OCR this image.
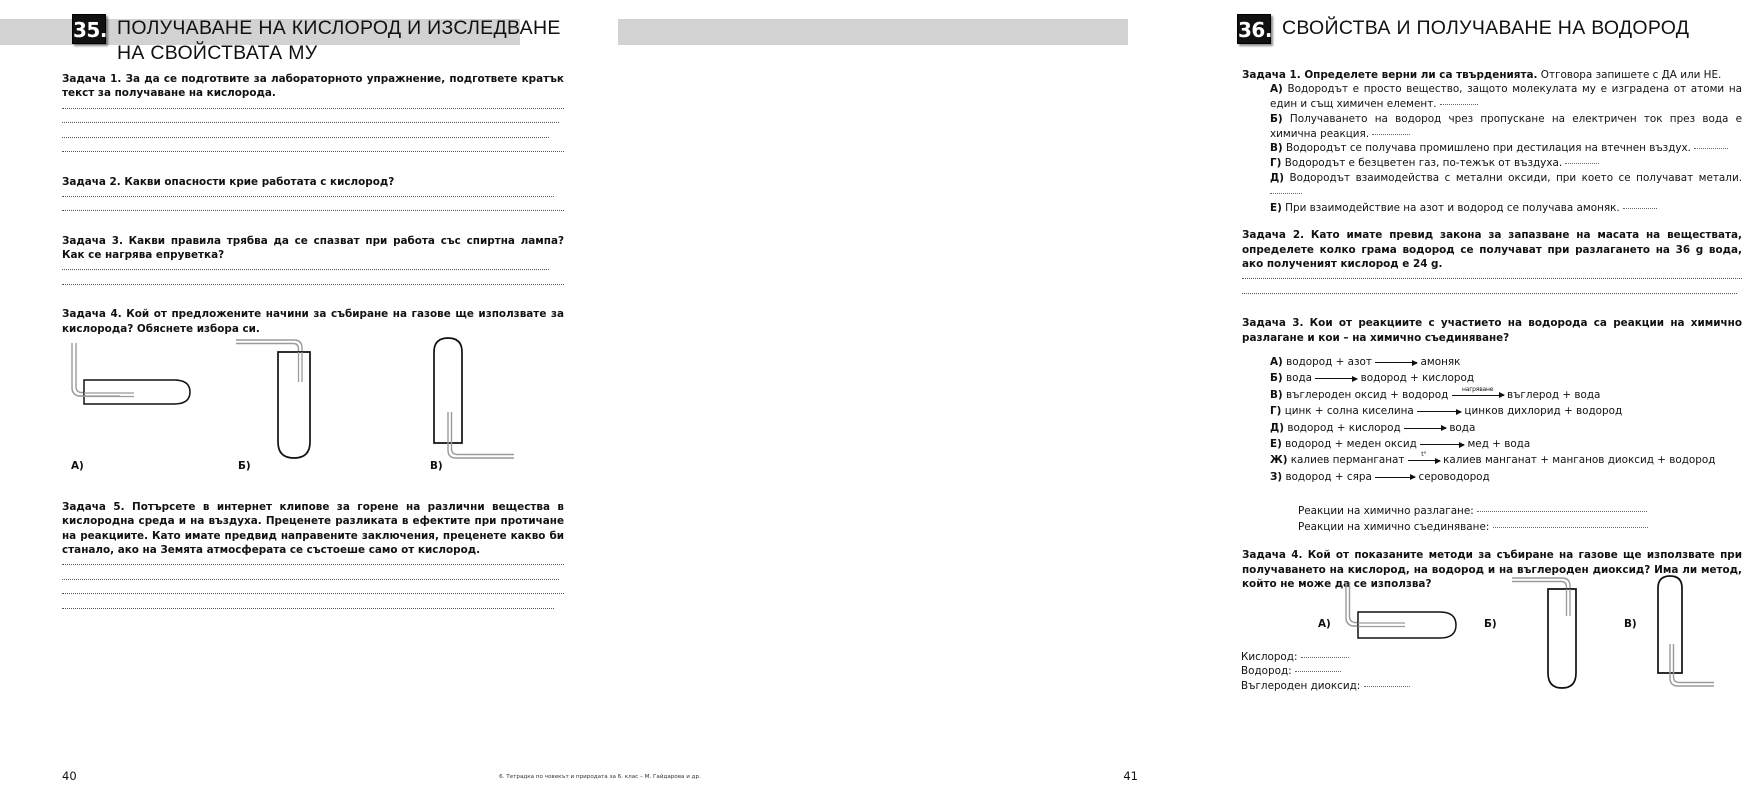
35. ПОЛУЧАВАНЕ НА КИСЛОРОД И ИЗСЛЕДВАНЕ
НА СВОЙСТВАТА МУ

Задача 1. За да се подготвите за лабораторното упражнение, подгответе кратък текст за получаване на кислорода.

Задача 2. Какви опасности крие работата с кислород?

Задача 3. Какви правила трябва да се спазват при работа със спиртна лампа? Как се нагрява епруветка?

Задача 4. Кой от предложените начини за събиране на газове ще използвате за кислорода? Обяснете избора си.

А)	Б)	В)

Задача 5. Потърсете в интернет клипове за горене на различни вещества в кислородна среда и на въздуха. Преценете разликата в ефектите при протичане на реакциите. Като имате предвид направените заключения, преценете какво би станало, ако на Земята атмосферата се състоеше само от кислород.

40
36. СВОЙСТВА И ПОЛУЧАВАНЕ НА ВОДОРОД

Задача 1. Определете верни ли са твърденията. Отговора запишете с ДА или НЕ.

А) Водородът е просто вещество, защото молекулата му е изградена от атоми на един и същ химичен елемент.

Б) Получаването на водород чрез пропускане на електричен ток през вода е химична реакция.

В) Водородът се получава промишлено при дестилация на втечнен въздух.

Г) Водородът е безцветен газ, по-тежък от въздуха.

Д) Водородът взаимодейства с метални оксиди, при което се получават метали.

Е) При взаимодействие на азот и водород се получава амоняк.

Задача 2. Като имате превид закона за запазване на масата на веществата, определете колко грама водород се получават при разлагането на 36 g вода, ако полученият кислород е 24 g.

Задача 3. Кои от реакциите с участието на водорода са реакции на химично разлагане и кои – на химично съединяване?

А) водород + азот	амоняк

Б) вода	водород + кислород

В) въглероден оксид + водород	нагряване	въглерод + вода

Г) цинк + солна киселина	цинков дихлорид + водород

Д) водород + кислород	вода

Е) водород + меден оксид	мед + вода

Ж) калиев перманганат	t°	калиев манганат + манганов диоксид + водород

З) водород + сяра → сероводород

Реакции на химично разлагане:

Реакции на химично съединяване:

Задача 4. Кой от показаните методи за събиране на газове ще използвате при получаването на кислород, на водород и на въглероден диоксид? Има ли метод, който не може да се използва?

А)	Б)	В)
Кислород:
Водород:
Въглероден диоксид:
41
6. Тетрадка по човекът и природата за 6. клас – М. Гайдарова и др.
